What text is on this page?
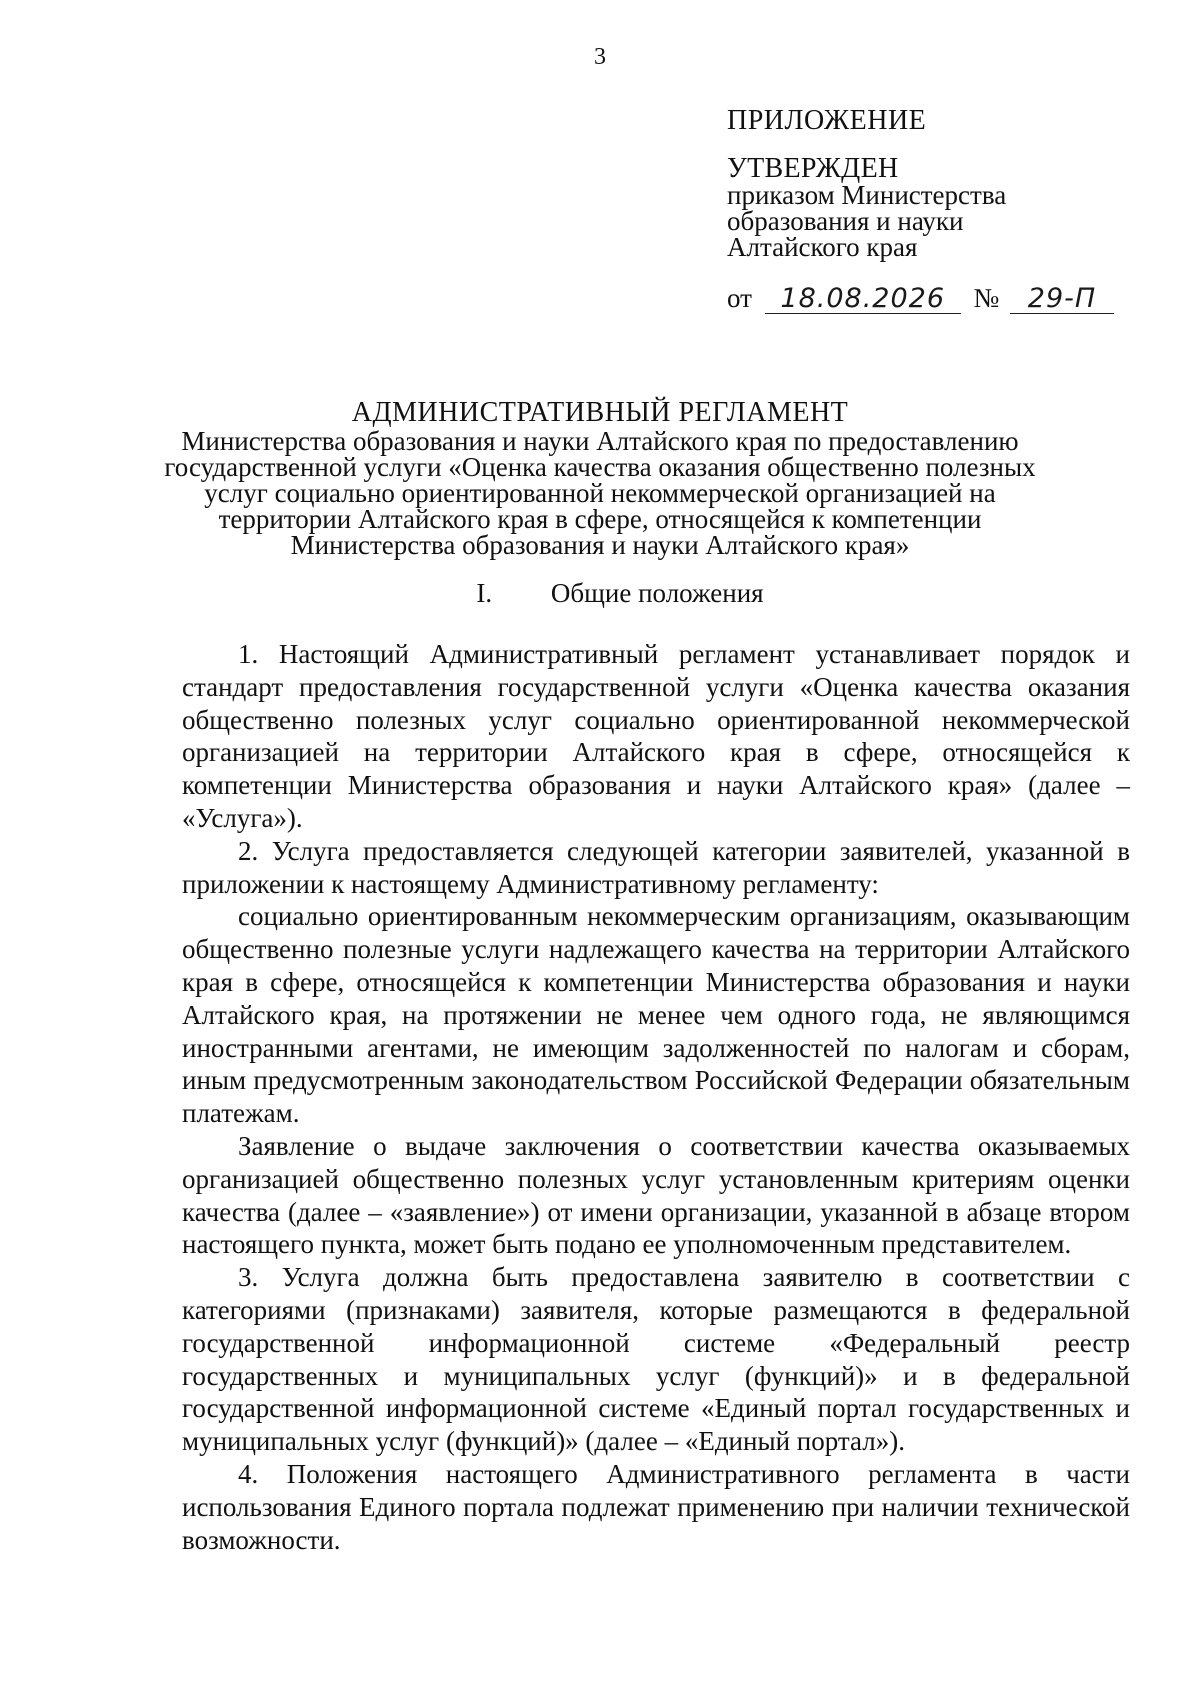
3
ПРИЛОЖЕНИЕ
УТВЕРЖДЕН
приказом Министерства
образования и науки
Алтайского края
от 18.08.2026 № 29-П
АДМИНИСТРАТИВНЫЙ РЕГЛАМЕНТ
Министерства образования и науки Алтайского края по предоставлению
государственной услуги «Оценка качества оказания общественно полезных
услуг социально ориентированной некоммерческой организацией на
территории Алтайского края в сфере, относящейся к компетенции
Министерства образования и науки Алтайского края»
I. Общие положения

1. Настоящий Административный регламент устанавливает порядок и стандарт предоставления государственной услуги «Оценка качества оказания общественно полезных услуг социально ориентированной некоммерческой организацией на территории Алтайского края в сфере, относящейся к компетенции Министерства образования и науки Алтайского края» (далее – «Услуга»).

2. Услуга предоставляется следующей категории заявителей, указанной в приложении к настоящему Административному регламенту:

социально ориентированным некоммерческим организациям, оказывающим общественно полезные услуги надлежащего качества на территории Алтайского края в сфере, относящейся к компетенции Министерства образования и науки Алтайского края, на протяжении не менее чем одного года, не являющимся иностранными агентами, не имеющим задолженностей по налогам и сборам, иным предусмотренным законодательством Российской Федерации обязательным платежам.

Заявление о выдаче заключения о соответствии качества оказываемых организацией общественно полезных услуг установленным критериям оценки качества (далее – «заявление») от имени организации, указанной в абзаце втором настоящего пункта, может быть подано ее уполномоченным представителем.

3. Услуга должна быть предоставлена заявителю в соответствии с категориями (признаками) заявителя, которые размещаются в федеральной государственной информационной системе «Федеральный реестр государственных и муниципальных услуг (функций)» и в федеральной государственной информационной системе «Единый портал государственных и муниципальных услуг (функций)» (далее – «Единый портал»).

4. Положения настоящего Административного регламента в части использования Единого портала подлежат применению при наличии технической возможности.
